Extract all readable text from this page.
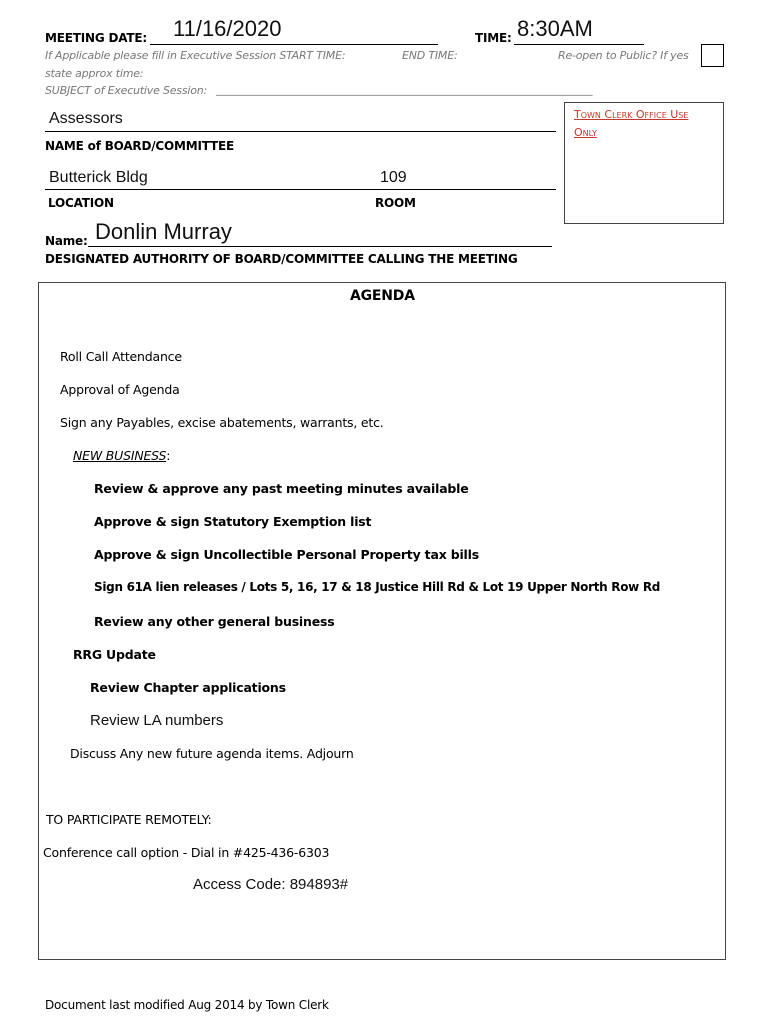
MEETING DATE: 11/16/2020	TIME: 8:30AM
If Applicable please fill in Executive Session START TIME:	END TIME:	Re-open to Public? If yes
state approx time:
SUBJECT of Executive Session: _______________________________________________________________________
Town Clerk Office Use
Only
Assessors
NAME of BOARD/COMMITTEE
Butterick Bldg	109
LOCATION	ROOM
Name: Donlin Murray
DESIGNATED AUTHORITY OF BOARD/COMMITTEE CALLING THE MEETING
AGENDA
Roll Call Attendance
Approval of Agenda
Sign any Payables, excise abatements, warrants, etc.
NEW BUSINESS:
Review & approve any past meeting minutes available
Approve & sign Statutory Exemption list
Approve & sign Uncollectible Personal Property tax bills
Sign 61A lien releases / Lots 5, 16, 17 & 18 Justice Hill Rd & Lot 19 Upper North Row Rd
Review any other general business
RRG Update
Review Chapter applications
Review LA numbers
Discuss Any new future agenda items. Adjourn
TO PARTICIPATE REMOTELY:
Conference call option - Dial in #425-436-6303
Access Code: 894893#
Document last modified Aug 2014 by Town Clerk
